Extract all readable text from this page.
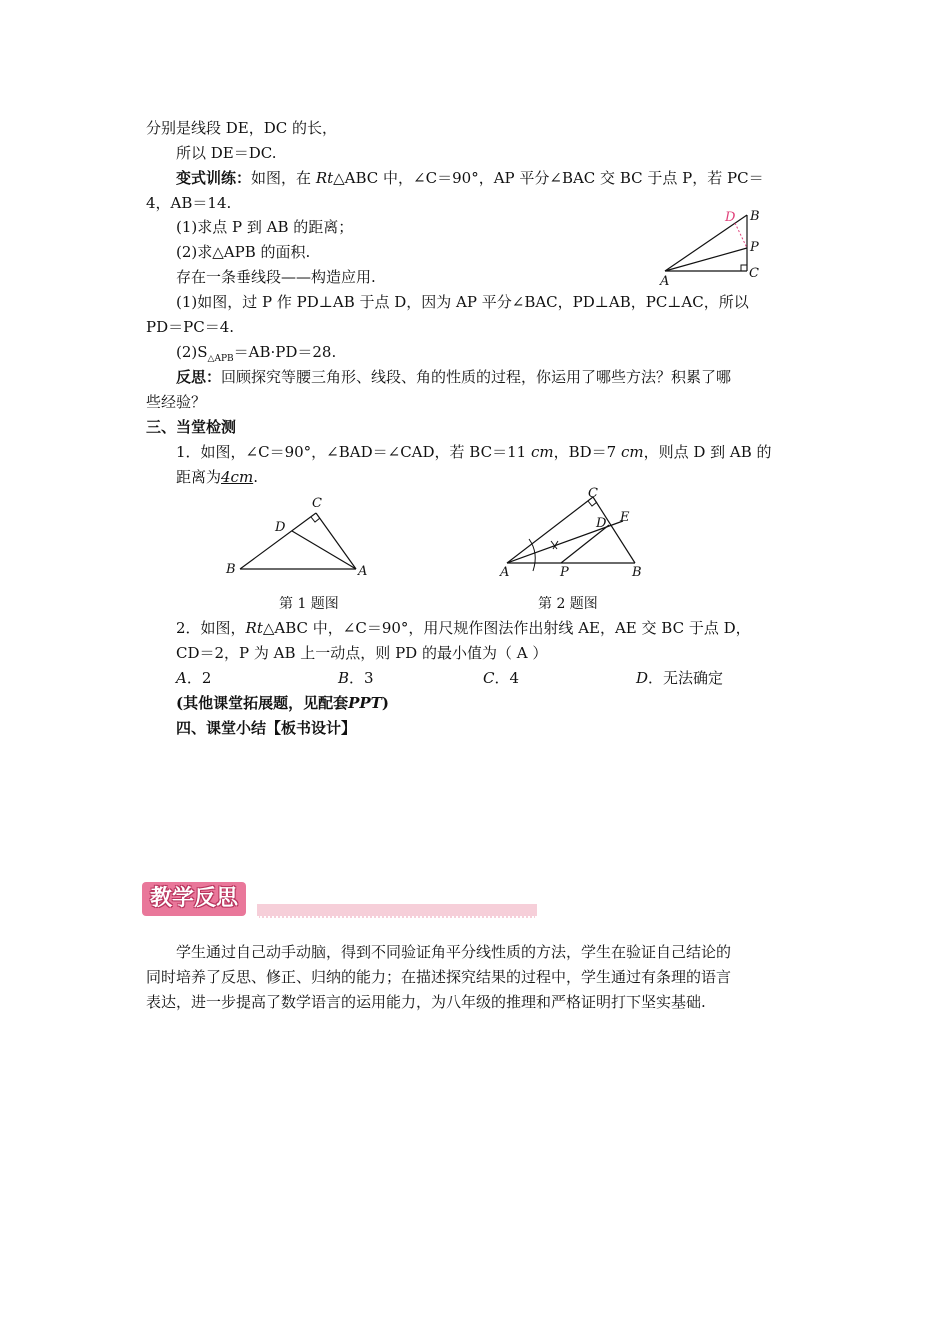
分别是线段 DE，DC 的长，
所以 DE＝DC.
变式训练：如图，在 Rt△ABC 中，∠C＝90°，AP 平分∠BAC 交 BC 于点 P，若 PC＝
4，AB＝14.
(1)求点 P 到 AB 的距离；
(2)求△APB 的面积.
存在一条垂线段——构造应用.
(1)如图，过 P 作 PD⊥AB 于点 D，因为 AP 平分∠BAC，PD⊥AB，PC⊥AC，所以
PD＝PC＝4.
$(2)S_{\triangle APB}=AB\cdot PD=28$.
反思：回顾探究等腰三角形、线段、角的性质的过程，你运用了哪些方法？积累了哪
些经验？
三、当堂检测
1．如图，∠C＝90°，∠BAD＝∠CAD，若 BC＝11 cm，BD＝7 cm，则点 D 到 AB 的
距离为4cm.
D B
P
A
C
C
D
B	A
第 1 题图
C
D E
A	P	B
第 2 题图
2．如图，Rt△ABC 中，∠C＝90°，用尺规作图法作出射线 AE，AE 交 BC 于点 D，
CD＝2，P 为 AB 上一动点，则 PD 的最小值为（ A ）
A．2	B．3	C．4	D．无法确定
(其他课堂拓展题，见配套PPT)
四、课堂小结【板书设计】
教学反思
学生通过自己动手动脑，得到不同验证角平分线性质的方法，学生在验证自己结论的
同时培养了反思、修正、归纳的能力；在描述探究结果的过程中，学生通过有条理的语言
表达，进一步提高了数学语言的运用能力，为八年级的推理和严格证明打下坚实基础.
